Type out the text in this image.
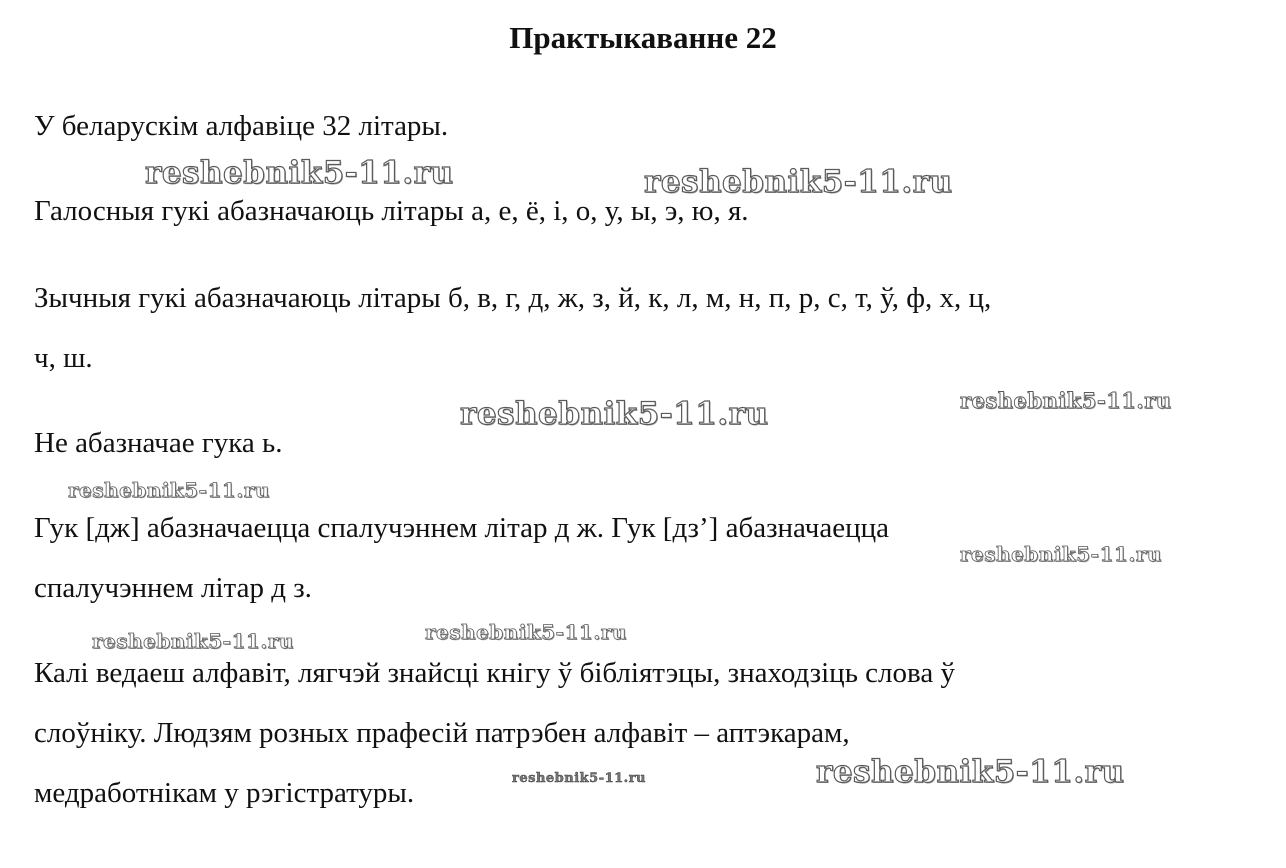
Практыкаванне 22
У беларускім алфавіце 32 літары.
Галосныя гукі абазначаюць літары а, е, ё, і, о, у, ы, э, ю, я.
Зычныя гукі абазначаюць літары б, в, г, д, ж, з, й, к, л, м, н, п, р, с, т, ў, ф, х, ц,
ч, ш.
Не абазначае гука ь.
Гук [дж] абазначаецца спалучэннем літар д ж. Гук [дз’] абазначаецца
спалучэннем літар д з.
Калі ведаеш алфавіт, лягчэй знайсці кнігу ў бібліятэцы, знаходзіць слова ў
слоўніку. Людзям розных прафесій патрэбен алфавіт – аптэкарам,
медработнікам у рэгістратуры.
reshebnik5-11.ru	reshebnik5-11.ru
reshebnik5-11.ru	reshebnik5-11.ru
reshebnik5-11.ru
reshebnik5-11.ru
reshebnik5-11.ru	reshebnik5-11.ru
reshebnik5-11.ru	reshebnik5-11.ru
